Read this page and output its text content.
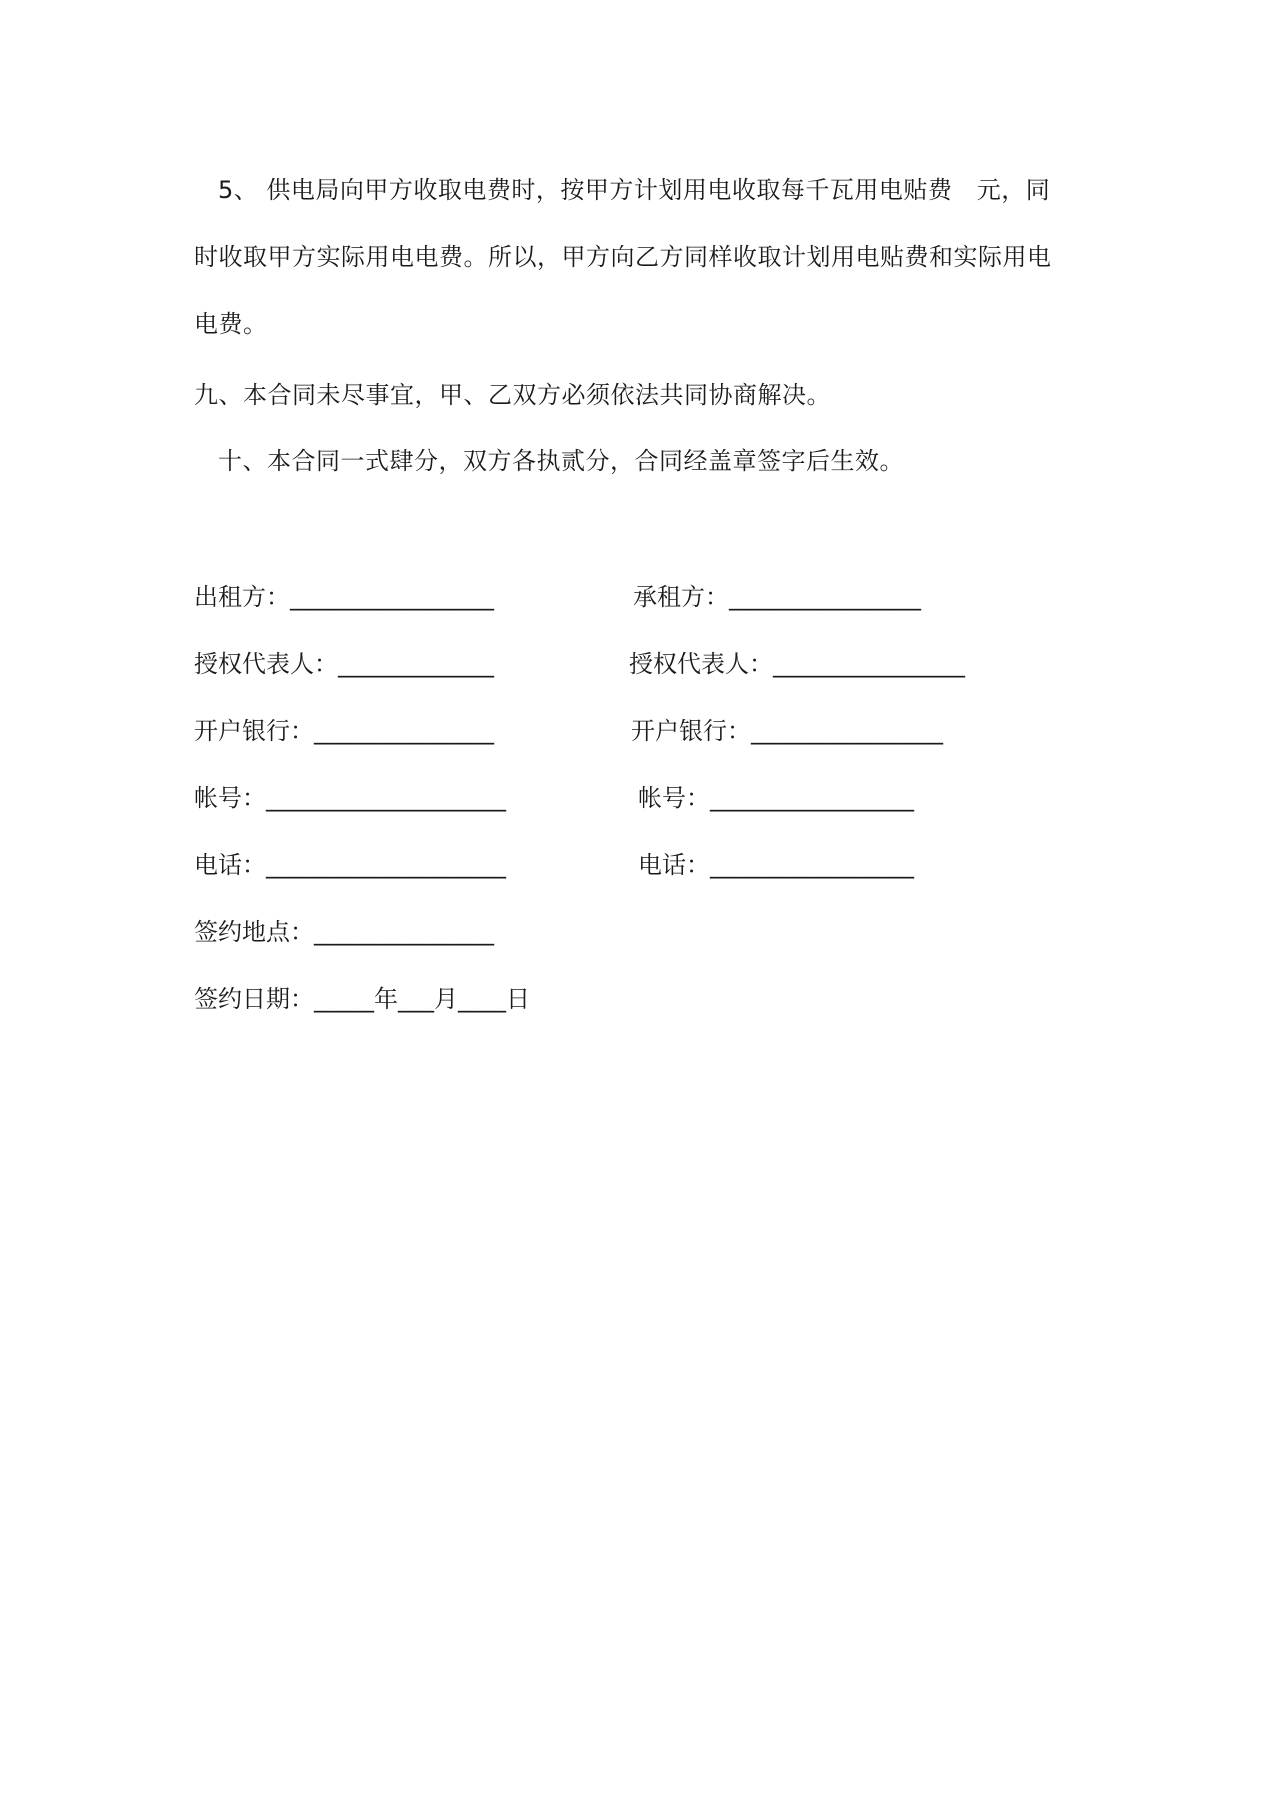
5、 供电局向甲方收取电费时，按甲方计划用电收取每千瓦用电贴费   元，同
时收取甲方实际用电电费。所以，甲方向乙方同样收取计划用电贴费和实际用电
电费。
九、本合同未尽事宜，甲、乙双方必须依法共同协商解决。
十、本合同一式肆分，双方各执贰分，合同经盖章签字后生效。
出租方：_________________
授权代表人：_____________
开户银行：_______________
帐号：____________________
电话：____________________
签约地点：_______________
签约日期：_____年___月____日
承租方：________________
授权代表人：________________
开户银行：________________
帐号：_________________
电话：_________________
